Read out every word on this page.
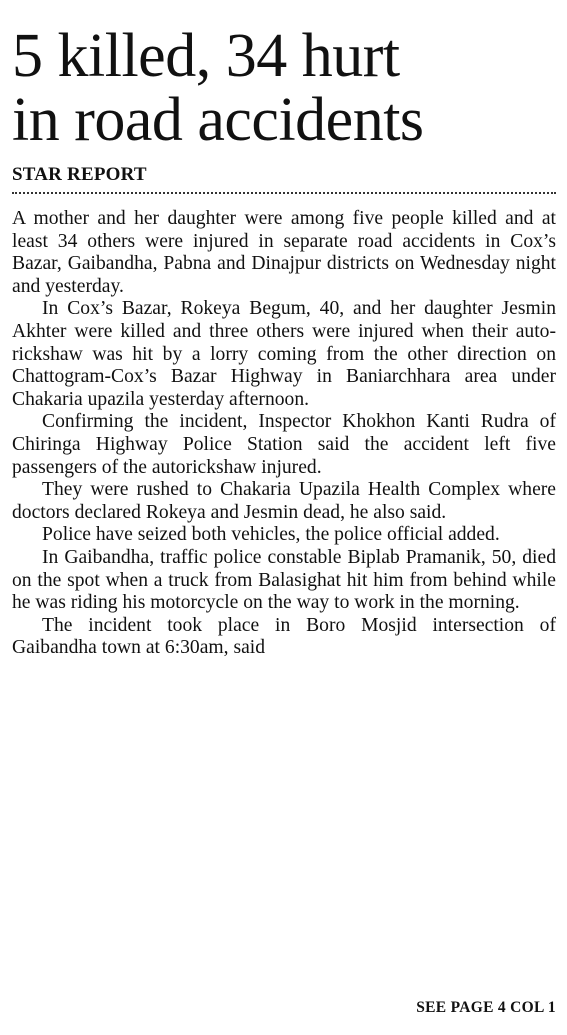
5 killed, 34 hurt
in road accidents
STAR REPORT

A mother and her daughter were among five people killed and at least 34 others were injured in separate road accidents in Cox’s Bazar, Gaibandha, Pabna and Dinajpur districts on Wednesday night and yesterday.

In Cox’s Bazar, Rokeya Begum, 40, and her daughter Jesmin Akhter were killed and three others were injured when their auto-rickshaw was hit by a lorry coming from the other direction on Chattogram-Cox’s Bazar Highway in Baniarchhara area under Chakaria upazila yesterday afternoon.

Confirming the incident, Inspector Khokhon Kanti Rudra of Chiringa Highway Police Station said the accident left five passengers of the autorickshaw injured.

They were rushed to Chakaria Upazila Health Complex where doctors declared Rokeya and Jesmin dead, he also said.

Police have seized both vehicles, the police official added.

In Gaibandha, traffic police constable Biplab Pramanik, 50, died on the spot when a truck from Balasighat hit him from behind while he was riding his motorcycle on the way to work in the morning.

The incident took place in Boro Mosjid intersection of Gaibandha town at 6:30am, said

SEE PAGE 4 COL 1
